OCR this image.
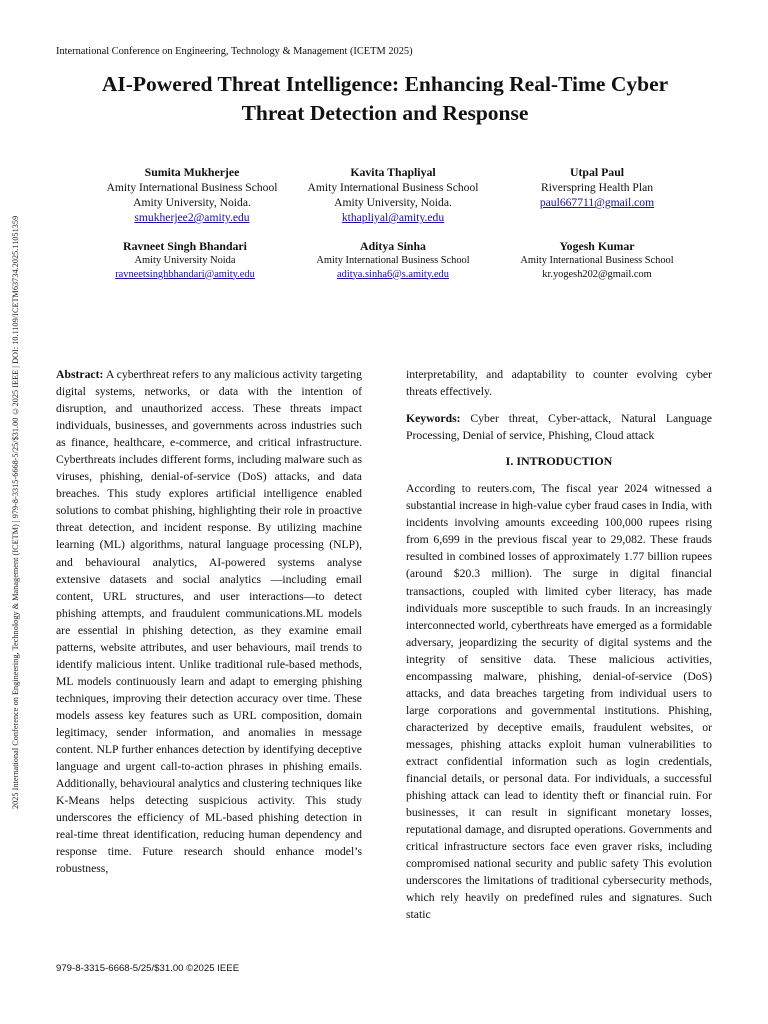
2025 International Conference on Engineering, Technology & Management (ICETM) | 979-8-3315-6668-5/25/$31.00 ©2025 IEEE | DOI: 10.1109/ICETM63734.2025.11051359
International Conference on Engineering, Technology & Management (ICETM 2025)
AI-Powered Threat Intelligence: Enhancing Real-Time Cyber
Threat Detection and Response
Sumita Mukherjee
Amity International Business School
Amity University, Noida.
smukherjee2@amity.edu
Kavita Thapliyal
Amity International Business School
Amity University, Noida.
kthapliyal@amity.edu
Utpal Paul
Riverspring Health Plan
paul667711@gmail.com
Ravneet Singh Bhandari
Amity University Noida
ravneetsinghbhandari@amity.edu
Aditya Sinha
Amity International Business School
aditya.sinha6@s.amity.edu
Yogesh Kumar
Amity International Business School
kr.yogesh202@gmail.com

Abstract: A cyberthreat refers to any malicious activity targeting digital systems, networks, or data with the intention of disruption, and unauthorized access. These threats impact individuals, businesses, and governments across industries such as finance, healthcare, e-commerce, and critical infrastructure. Cyberthreats includes different forms, including malware such as viruses, phishing, denial-of-service (DoS) attacks, and data breaches. This study explores artificial intelligence enabled solutions to combat phishing, highlighting their role in proactive threat detection, and incident response. By utilizing machine learning (ML) algorithms, natural language processing (NLP), and behavioural analytics, AI-powered systems analyse extensive datasets and social analytics —including email content, URL structures, and user interactions—to detect phishing attempts, and fraudulent communications.ML models are essential in phishing detection, as they examine email patterns, website attributes, and user behaviours, mail trends to identify malicious intent. Unlike traditional rule-based methods, ML models continuously learn and adapt to emerging phishing techniques, improving their detection accuracy over time. These models assess key features such as URL composition, domain legitimacy, sender information, and anomalies in message content. NLP further enhances detection by identifying deceptive language and urgent call-to-action phrases in phishing emails. Additionally, behavioural analytics and clustering techniques like K-Means helps detecting suspicious activity. This study underscores the efficiency of ML-based phishing detection in real-time threat identification, reducing human dependency and response time. Future research should enhance model’s robustness,

interpretability, and adaptability to counter evolving cyber threats effectively.

Keywords: Cyber threat, Cyber-attack, Natural Language Processing, Denial of service, Phishing, Cloud attack

I. INTRODUCTION

According to reuters.com, The fiscal year 2024 witnessed a substantial increase in high-value cyber fraud cases in India, with incidents involving amounts exceeding 100,000 rupees rising from 6,699 in the previous fiscal year to 29,082. These frauds resulted in combined losses of approximately 1.77 billion rupees (around $20.3 million). The surge in digital financial transactions, coupled with limited cyber literacy, has made individuals more susceptible to such frauds. In an increasingly interconnected world, cyberthreats have emerged as a formidable adversary, jeopardizing the security of digital systems and the integrity of sensitive data. These malicious activities, encompassing malware, phishing, denial-of-service (DoS) attacks, and data breaches targeting from individual users to large corporations and governmental institutions. Phishing, characterized by deceptive emails, fraudulent websites, or messages, phishing attacks exploit human vulnerabilities to extract confidential information such as login credentials, financial details, or personal data. For individuals, a successful phishing attack can lead to identity theft or financial ruin. For businesses, it can result in significant monetary losses, reputational damage, and disrupted operations. Governments and critical infrastructure sectors face even graver risks, including compromised national security and public safety This evolution underscores the limitations of traditional cybersecurity methods, which rely heavily on predefined rules and signatures. Such static

979-8-3315-6668-5/25/$31.00 ©2025 IEEE
